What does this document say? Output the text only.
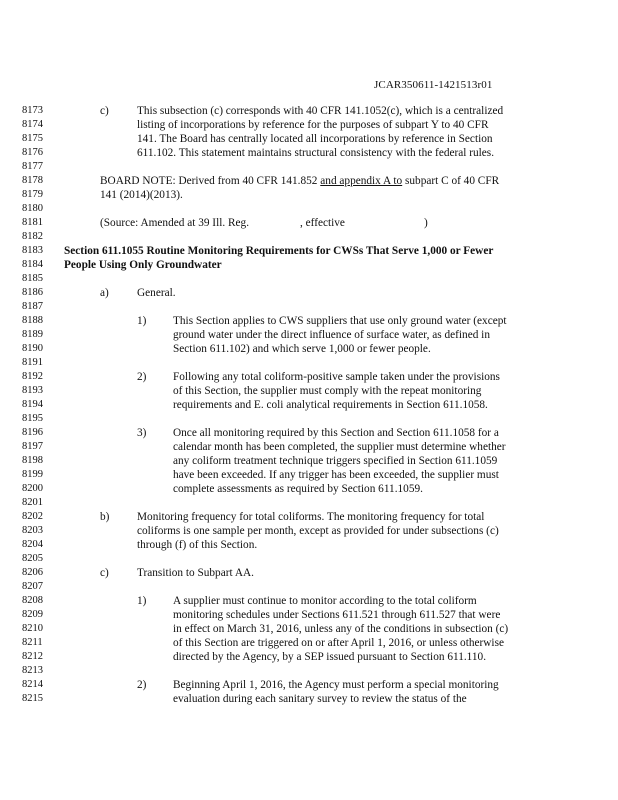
JCAR350611-1421513r01
8173
8174
8175
8176
8177
8178
8179
8180
8181
8182
8183
8184
8185
8186
8187
8188
8189
8190
8191
8192
8193
8194
8195
8196
8197
8198
8199
8200
8201
8202
8203
8204
8205
8206
8207
8208
8209
8210
8211
8212
8213
8214
8215
c) This subsection (c) corresponds with 40 CFR 141.1052(c), which is a centralized
listing of incorporations by reference for the purposes of subpart Y to 40 CFR
141. The Board has centrally located all incorporations by reference in Section
611.102. This statement maintains structural consistency with the federal rules.
BOARD NOTE: Derived from 40 CFR 141.852 and appendix A to subpart C of 40 CFR
141 (2014)(2013).
(Source: Amended at 39 Ill. Reg.	, effective	)
Section 611.1055 Routine Monitoring Requirements for CWSs That Serve 1,000 or Fewer
People Using Only Groundwater
a) General.
1) This Section applies to CWS suppliers that use only ground water (except
ground water under the direct influence of surface water, as defined in
Section 611.102) and which serve 1,000 or fewer people.
2) Following any total coliform-positive sample taken under the provisions
of this Section, the supplier must comply with the repeat monitoring
requirements and E. coli analytical requirements in Section 611.1058.
3) Once all monitoring required by this Section and Section 611.1058 for a
calendar month has been completed, the supplier must determine whether
any coliform treatment technique triggers specified in Section 611.1059
have been exceeded. If any trigger has been exceeded, the supplier must
complete assessments as required by Section 611.1059.
b) Monitoring frequency for total coliforms. The monitoring frequency for total
coliforms is one sample per month, except as provided for under subsections (c)
through (f) of this Section.
c) Transition to Subpart AA.
1) A supplier must continue to monitor according to the total coliform
monitoring schedules under Sections 611.521 through 611.527 that were
in effect on March 31, 2016, unless any of the conditions in subsection (c)
of this Section are triggered on or after April 1, 2016, or unless otherwise
directed by the Agency, by a SEP issued pursuant to Section 611.110.
2) Beginning April 1, 2016, the Agency must perform a special monitoring
evaluation during each sanitary survey to review the status of the
